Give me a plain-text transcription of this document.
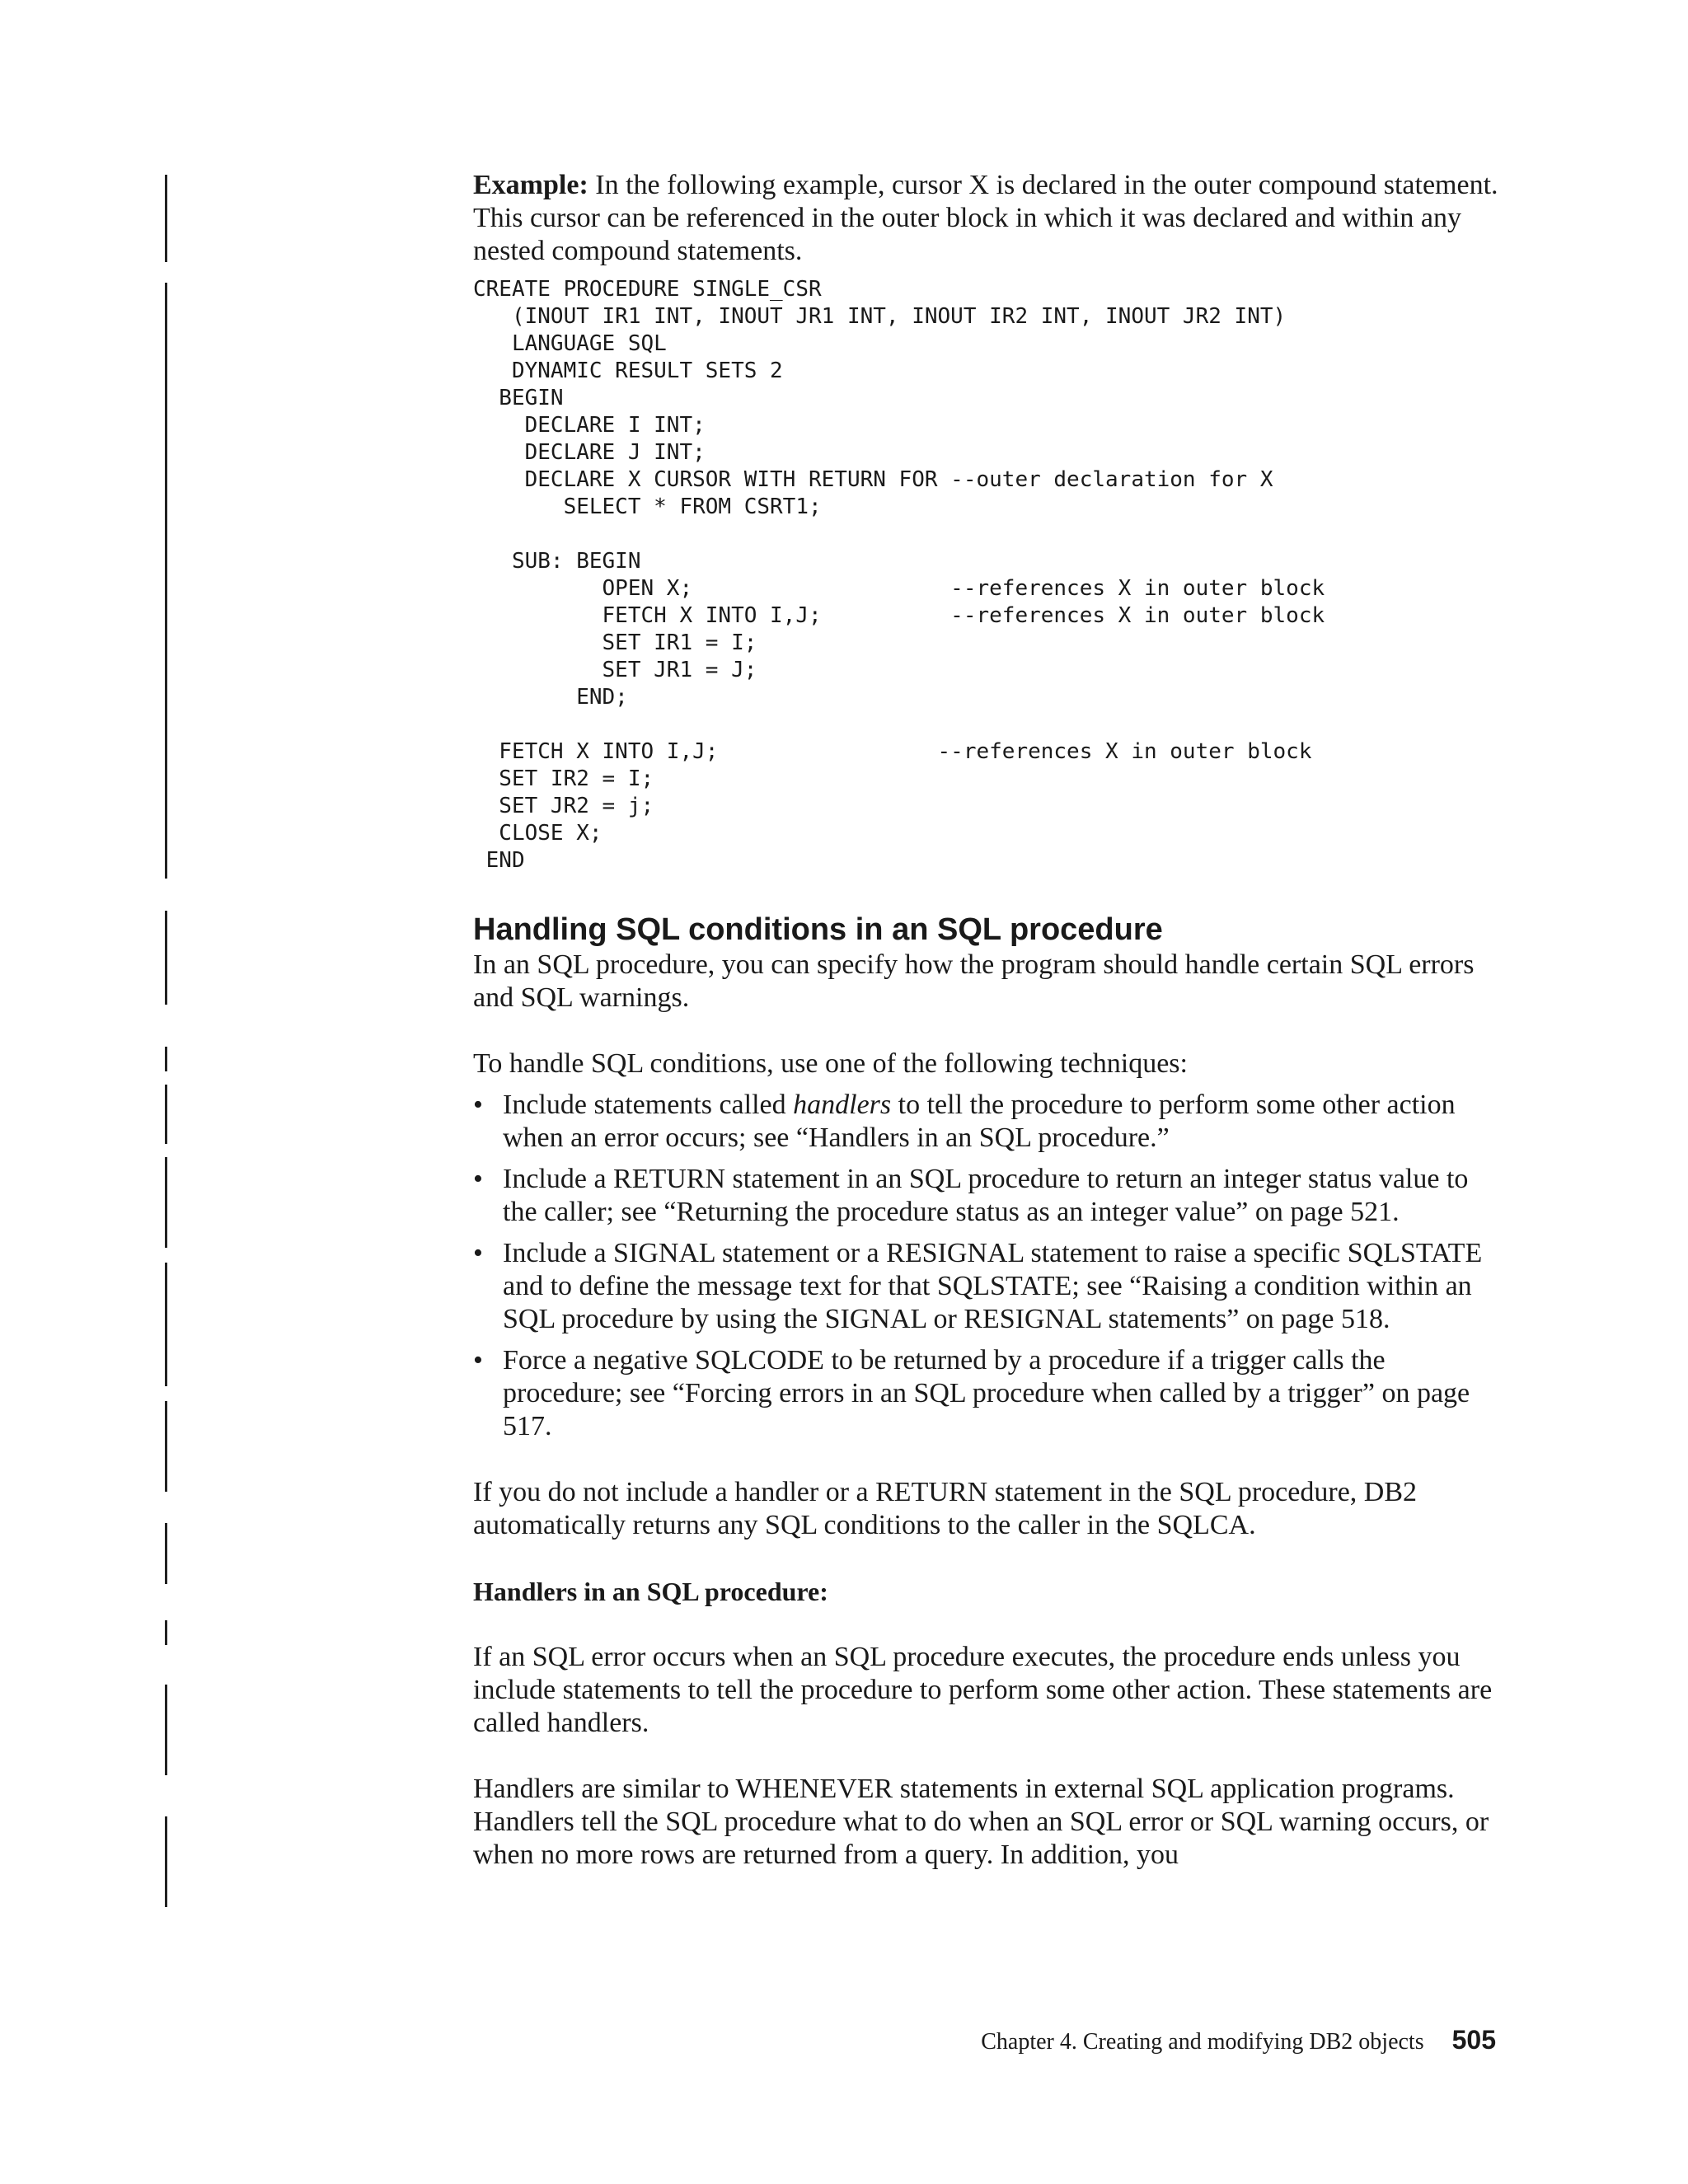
Example: In the following example, cursor X is declared in the outer compound statement. This cursor can be referenced in the outer block in which it was declared and within any nested compound statements.

CREATE PROCEDURE SINGLE_CSR
(INOUT IR1 INT, INOUT JR1 INT, INOUT IR2 INT, INOUT JR2 INT)
LANGUAGE SQL
DYNAMIC RESULT SETS 2
BEGIN
DECLARE I INT;
DECLARE J INT;
DECLARE X CURSOR WITH RETURN FOR --outer declaration for X
SELECT * FROM CSRT1;

SUB: BEGIN
OPEN X;                    --references X in outer block
FETCH X INTO I,J;          --references X in outer block
SET IR1 = I;
SET JR1 = J;
END;

FETCH X INTO I,J;                 --references X in outer block
SET IR2 = I;
SET JR2 = j;
CLOSE X;
END
Handling SQL conditions in an SQL procedure

In an SQL procedure, you can specify how the program should handle certain SQL errors and SQL warnings.

To handle SQL conditions, use one of the following techniques:

• Include statements called handlers to tell the procedure to perform some other action when an error occurs; see “Handlers in an SQL procedure.”
• Include a RETURN statement in an SQL procedure to return an integer status value to the caller; see “Returning the procedure status as an integer value” on page 521.
• Include a SIGNAL statement or a RESIGNAL statement to raise a specific SQLSTATE and to define the message text for that SQLSTATE; see “Raising a condition within an SQL procedure by using the SIGNAL or RESIGNAL statements” on page 518.
• Force a negative SQLCODE to be returned by a procedure if a trigger calls the procedure; see “Forcing errors in an SQL procedure when called by a trigger” on page 517.

If you do not include a handler or a RETURN statement in the SQL procedure, DB2 automatically returns any SQL conditions to the caller in the SQLCA.

Handlers in an SQL procedure:

If an SQL error occurs when an SQL procedure executes, the procedure ends unless you include statements to tell the procedure to perform some other action. These statements are called handlers.

Handlers are similar to WHENEVER statements in external SQL application programs. Handlers tell the SQL procedure what to do when an SQL error or SQL warning occurs, or when no more rows are returned from a query. In addition, you

Chapter 4. Creating and modifying DB2 objects 505
